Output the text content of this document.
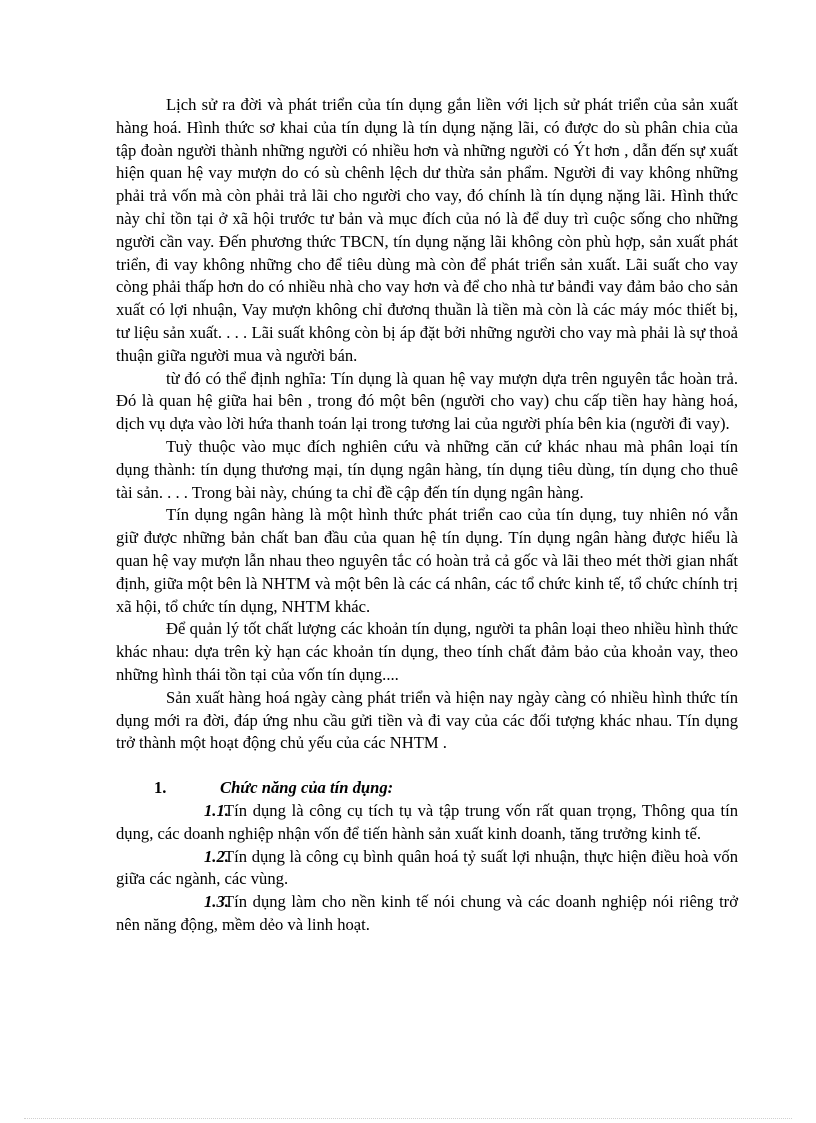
Lịch sử ra đời và phát triển của tín dụng gắn liền với lịch sử phát triển của sản xuất hàng hoá. Hình thức sơ khai của tín dụng là tín dụng nặng lãi, có được do sù phân chia của tập đoàn người thành những người có nhiều hơn và những người có Ýt hơn , dẫn đến sự xuất hiện quan hệ vay mượn do có sù chênh lệch dư thừa sản phẩm. Người đi vay không những phải trả vốn mà còn phải trả lãi cho người cho vay, đó chính là tín dụng nặng lãi. Hình thức này chỉ tồn tại ở xã hội trước tư bản và mục đích của nó là để duy trì cuộc sống cho những người cần vay. Đến phương thức TBCN, tín dụng nặng lãi không còn phù hợp, sản xuất phát triển, đi vay không những cho để tiêu dùng mà còn để phát triển sản xuất. Lãi suất cho vay còng phải thấp hơn do có nhiều nhà cho vay hơn và để cho nhà tư bảnđi vay đảm bảo cho sản xuất có lợi nhuận, Vay mượn không chỉ đươnq thuần là tiền mà còn là các máy móc thiết bị, tư liệu sản xuất. . . . Lãi suất không còn bị áp đặt bởi những người cho vay mà phải là sự thoả thuận giữa người mua và người bán.

từ đó có thể định nghĩa: Tín dụng là quan hệ vay mượn dựa trên nguyên tắc hoàn trả. Đó là quan hệ giữa hai bên , trong đó một bên (người cho vay) chu cấp tiền hay hàng hoá, dịch vụ dựa vào lời hứa thanh toán lại trong tương lai của người phía bên kia (người đi vay).

Tuỳ thuộc vào mục đích nghiên cứu và những căn cứ khác nhau mà phân loại tín dụng thành: tín dụng thương mại, tín dụng ngân hàng, tín dụng tiêu dùng, tín dụng cho thuê tài sản. . . . Trong bài này, chúng ta chỉ đề cập đến tín dụng ngân hàng.

Tín dụng ngân hàng là một hình thức phát triển cao của tín dụng, tuy nhiên nó vẫn giữ được những bản chất ban đầu của quan hệ tín dụng. Tín dụng ngân hàng được hiểu là quan hệ vay mượn lẫn nhau theo nguyên tắc có hoàn trả cả gốc và lãi theo mét thời gian nhất định, giữa một bên là NHTM và một bên là các cá nhân, các tổ chức kinh tế, tổ chức chính trị xã hội, tổ chức tín dụng, NHTM khác.

Để quản lý tốt chất lượng các khoản tín dụng, người ta phân loại theo nhiều hình thức khác nhau: dựa trên kỳ hạn các khoản tín dụng, theo tính chất đảm bảo của khoản vay, theo những hình thái tồn tại của vốn tín dụng....

Sản xuất hàng hoá ngày càng phát triển và hiện nay ngày càng có nhiều hình thức tín dụng mới ra đời, đáp ứng nhu cầu gửi tiền và đi vay của các đối tượng khác nhau. Tín dụng trở thành một hoạt động chủ yếu của các NHTM .

1.	Chức năng của tín dụng:

1.1.Tín dụng là công cụ tích tụ và tập trung vốn rất quan trọng, Thông qua tín dụng, các doanh nghiệp nhận vốn để tiến hành sản xuất kinh doanh, tăng trưởng kinh tế.

1.2.Tín dụng là công cụ bình quân hoá tỷ suất lợi nhuận, thực hiện điều hoà vốn giữa các ngành, các vùng.

1.3.Tín dụng làm cho nền kinh tế nói chung và các doanh nghiệp nói riêng trở nên năng động, mềm dẻo và linh hoạt.
